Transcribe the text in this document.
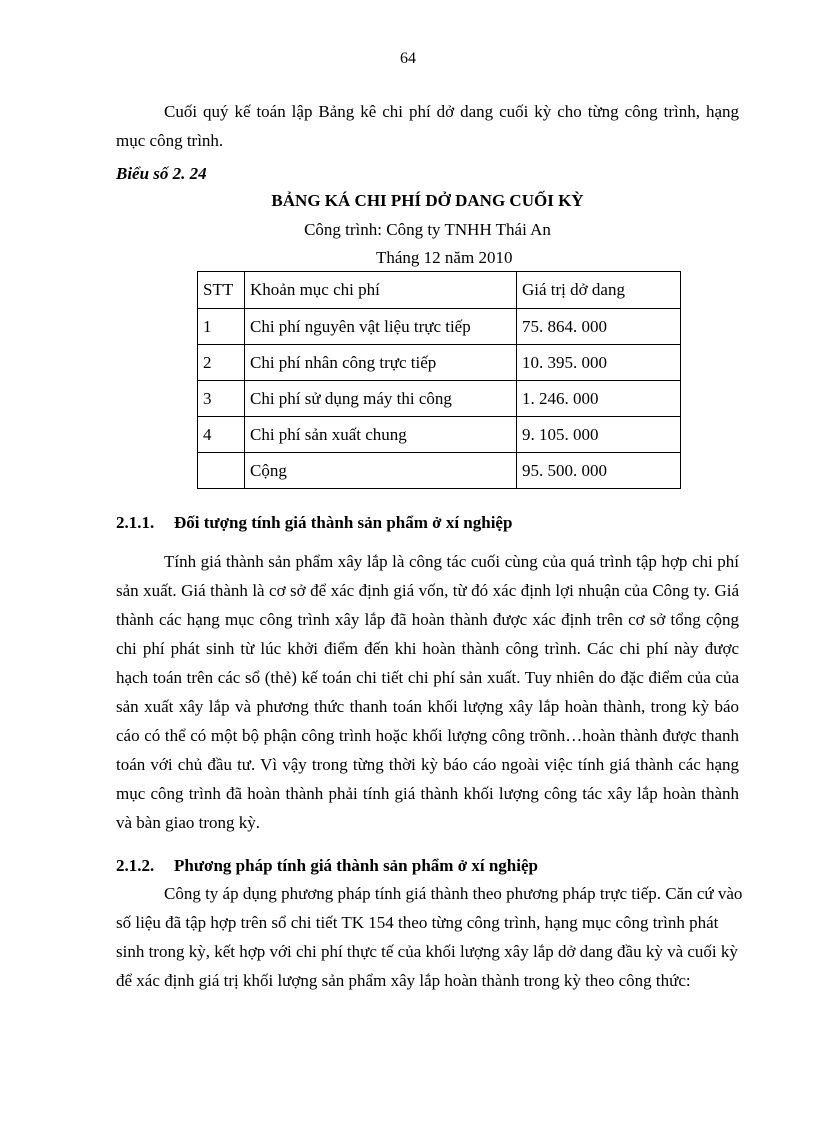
64

Cuối quý kế toán lập Bảng kê chi phí dở dang cuối kỳ cho từng công trình, hạng mục công trình.

Biểu số 2. 24
BẢNG KÁ CHI PHÍ DỞ DANG CUỐI KỲ
Công trình: Công ty TNHH Thái An
Tháng 12 năm 2010
STT	Khoản mục chi phí	Giá trị dở dang
1	Chi phí nguyên vật liệu trực tiếp	75. 864. 000
2	Chi phí nhân công trực tiếp	10. 395. 000
3	Chi phí sử dụng máy thi công	1. 246. 000
4	Chi phí sản xuất chung	9. 105. 000
	Cộng	95. 500. 000
2.1.1. Đối tượng tính giá thành sản phẩm ở xí nghiệp

Tính giá thành sản phẩm xây lắp là công tác cuối cùng của quá trình tập hợp chi phí sản xuất. Giá thành là cơ sở để xác định giá vốn, từ đó xác định lợi nhuận của Công ty. Giá thành các hạng mục công trình xây lắp đã hoàn thành được xác định trên cơ sở tổng cộng chi phí phát sinh từ lúc khởi điểm đến khi hoàn thành công trình. Các chi phí này được hạch toán trên các sổ (thẻ) kế toán chi tiết chi phí sản xuất. Tuy nhiên do đặc điểm của của sản xuất xây lắp và phương thức thanh toán khối lượng xây lắp hoàn thành, trong kỳ báo cáo có thể có một bộ phận công trình hoặc khối lượng công trõnh…hoàn thành được thanh toán với chủ đầu tư. Vì vậy trong từng thời kỳ báo cáo ngoài việc tính giá thành các hạng mục công trình đã hoàn thành phải tính giá thành khối lượng công tác xây lắp hoàn thành và bàn giao trong kỳ.

2.1.2. Phương pháp tính giá thành sản phẩm ở xí nghiệp

Công ty áp dụng phương pháp tính giá thành theo phương pháp trực tiếp. Căn cứ vào số liệu đã tập hợp trên sổ chi tiết TK 154 theo từng công trình, hạng mục công trình phát sinh trong kỳ, kết hợp với chi phí thực tế của khối lượng xây lắp dở dang đầu kỳ và cuối kỳ để xác định giá trị khối lượng sản phẩm xây lắp hoàn thành trong kỳ theo công thức:
